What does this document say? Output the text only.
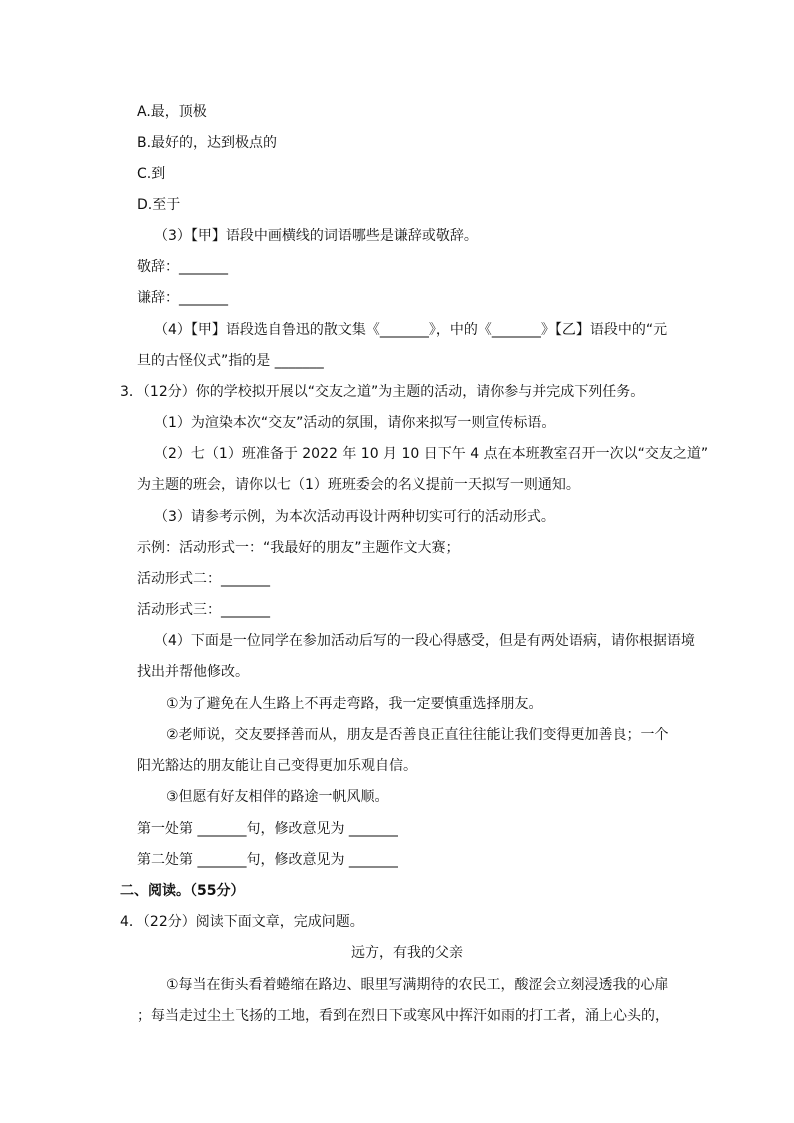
A.最，顶极
B.最好的，达到极点的
C.到
D.至于
（3）【甲】语段中画横线的词语哪些是谦辞或敬辞。
敬辞：_______
谦辞：_______
（4）【甲】语段选自鲁迅的散文集《_______》，中的《_______》【乙】语段中的“元
旦的古怪仪式”指的是 _______
3．（12分）你的学校拟开展以“交友之道”为主题的活动，请你参与并完成下列任务。
（1）为渲染本次“交友”活动的氛围，请你来拟写一则宣传标语。
（2）七（1）班准备于 2022 年 10 月 10 日下午 4 点在本班教室召开一次以“交友之道”
为主题的班会，请你以七（1）班班委会的名义提前一天拟写一则通知。
（3）请参考示例，为本次活动再设计两种切实可行的活动形式。
示例：活动形式一：“我最好的朋友”主题作文大赛；
活动形式二：_______
活动形式三：_______
（4）下面是一位同学在参加活动后写的一段心得感受，但是有两处语病，请你根据语境
找出并帮他修改。
①为了避免在人生路上不再走弯路，我一定要慎重选择朋友。
②老师说，交友要择善而从，朋友是否善良正直往往能让我们变得更加善良；一个
阳光豁达的朋友能让自己变得更加乐观自信。
③但愿有好友相伴的路途一帆风顺。
第一处第 _______句，修改意见为 _______
第二处第 _______句，修改意见为 _______
二、阅读。（55分）
4．（22分）阅读下面文章，完成问题。
远方，有我的父亲
①每当在街头看着蜷缩在路边、眼里写满期待的农民工，酸涩会立刻浸透我的心扉
；每当走过尘土飞扬的工地，看到在烈日下或寒风中挥汗如雨的打工者，涌上心头的，
